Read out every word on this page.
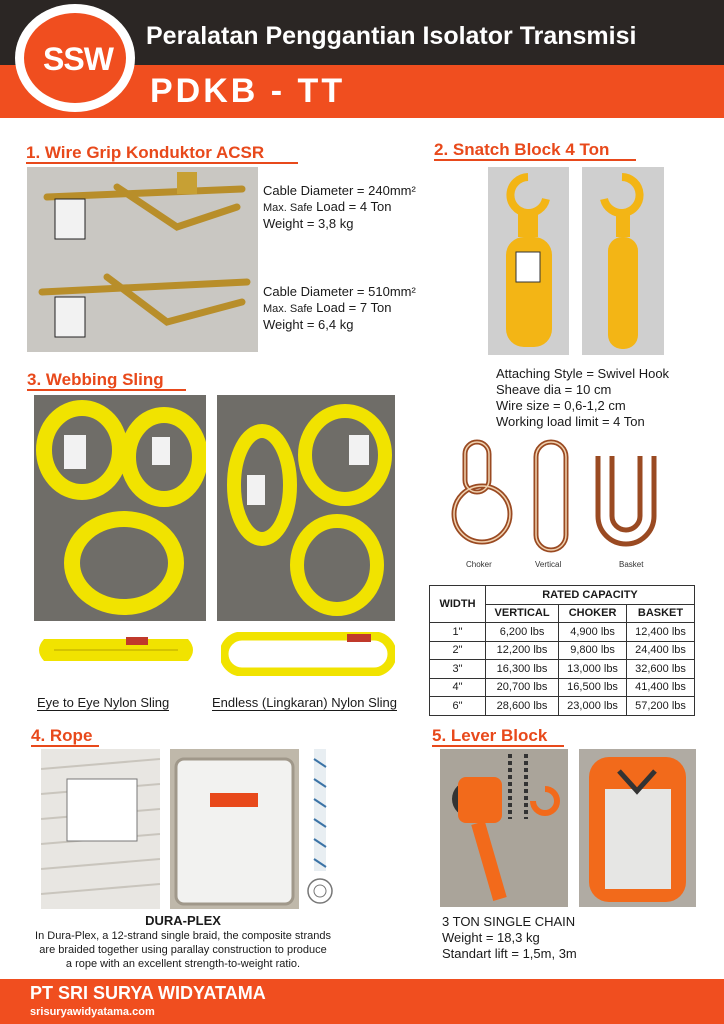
Peralatan Penggantian Isolator Transmisi
PDKB - TT
SSW
1. Wire Grip Konduktor ACSR
Cable Diameter = 240mm²
Max. Safe Load = 4 Ton
Weight = 3,8 kg
Cable Diameter = 510mm²
Max. Safe Load = 7 Ton
Weight = 6,4 kg
2. Snatch Block 4 Ton
Attaching Style = Swivel Hook
Sheave dia = 10 cm
Wire size = 0,6-1,2 cm
Working load limit = 4 Ton
Choker	Vertical	Basket
3. Webbing Sling
Eye to Eye Nylon Sling	Endless (Lingkaran) Nylon Sling
WIDTH	RATED CAPACITY		
	VERTICAL	CHOKER	BASKET
1"	6,200 lbs	4,900 lbs	12,400 lbs
2"	12,200 lbs	9,800 lbs	24,400 lbs
3"	16,300 lbs	13,000 lbs	32,600 lbs
4"	20,700 lbs	16,500 lbs	41,400 lbs
6"	28,600 lbs	23,000 lbs	57,200 lbs
4. Rope
DURA-PLEX
In Dura-Plex, a 12-strand single braid, the composite strands
are braided together using parallay construction to produce
a rope with an excellent strength-to-weight ratio.
5. Lever Block
3 TON SINGLE CHAIN
Weight = 18,3 kg
Standart lift = 1,5m, 3m
PT SRI SURYA WIDYATAMA
srisuryawidyatama.com
